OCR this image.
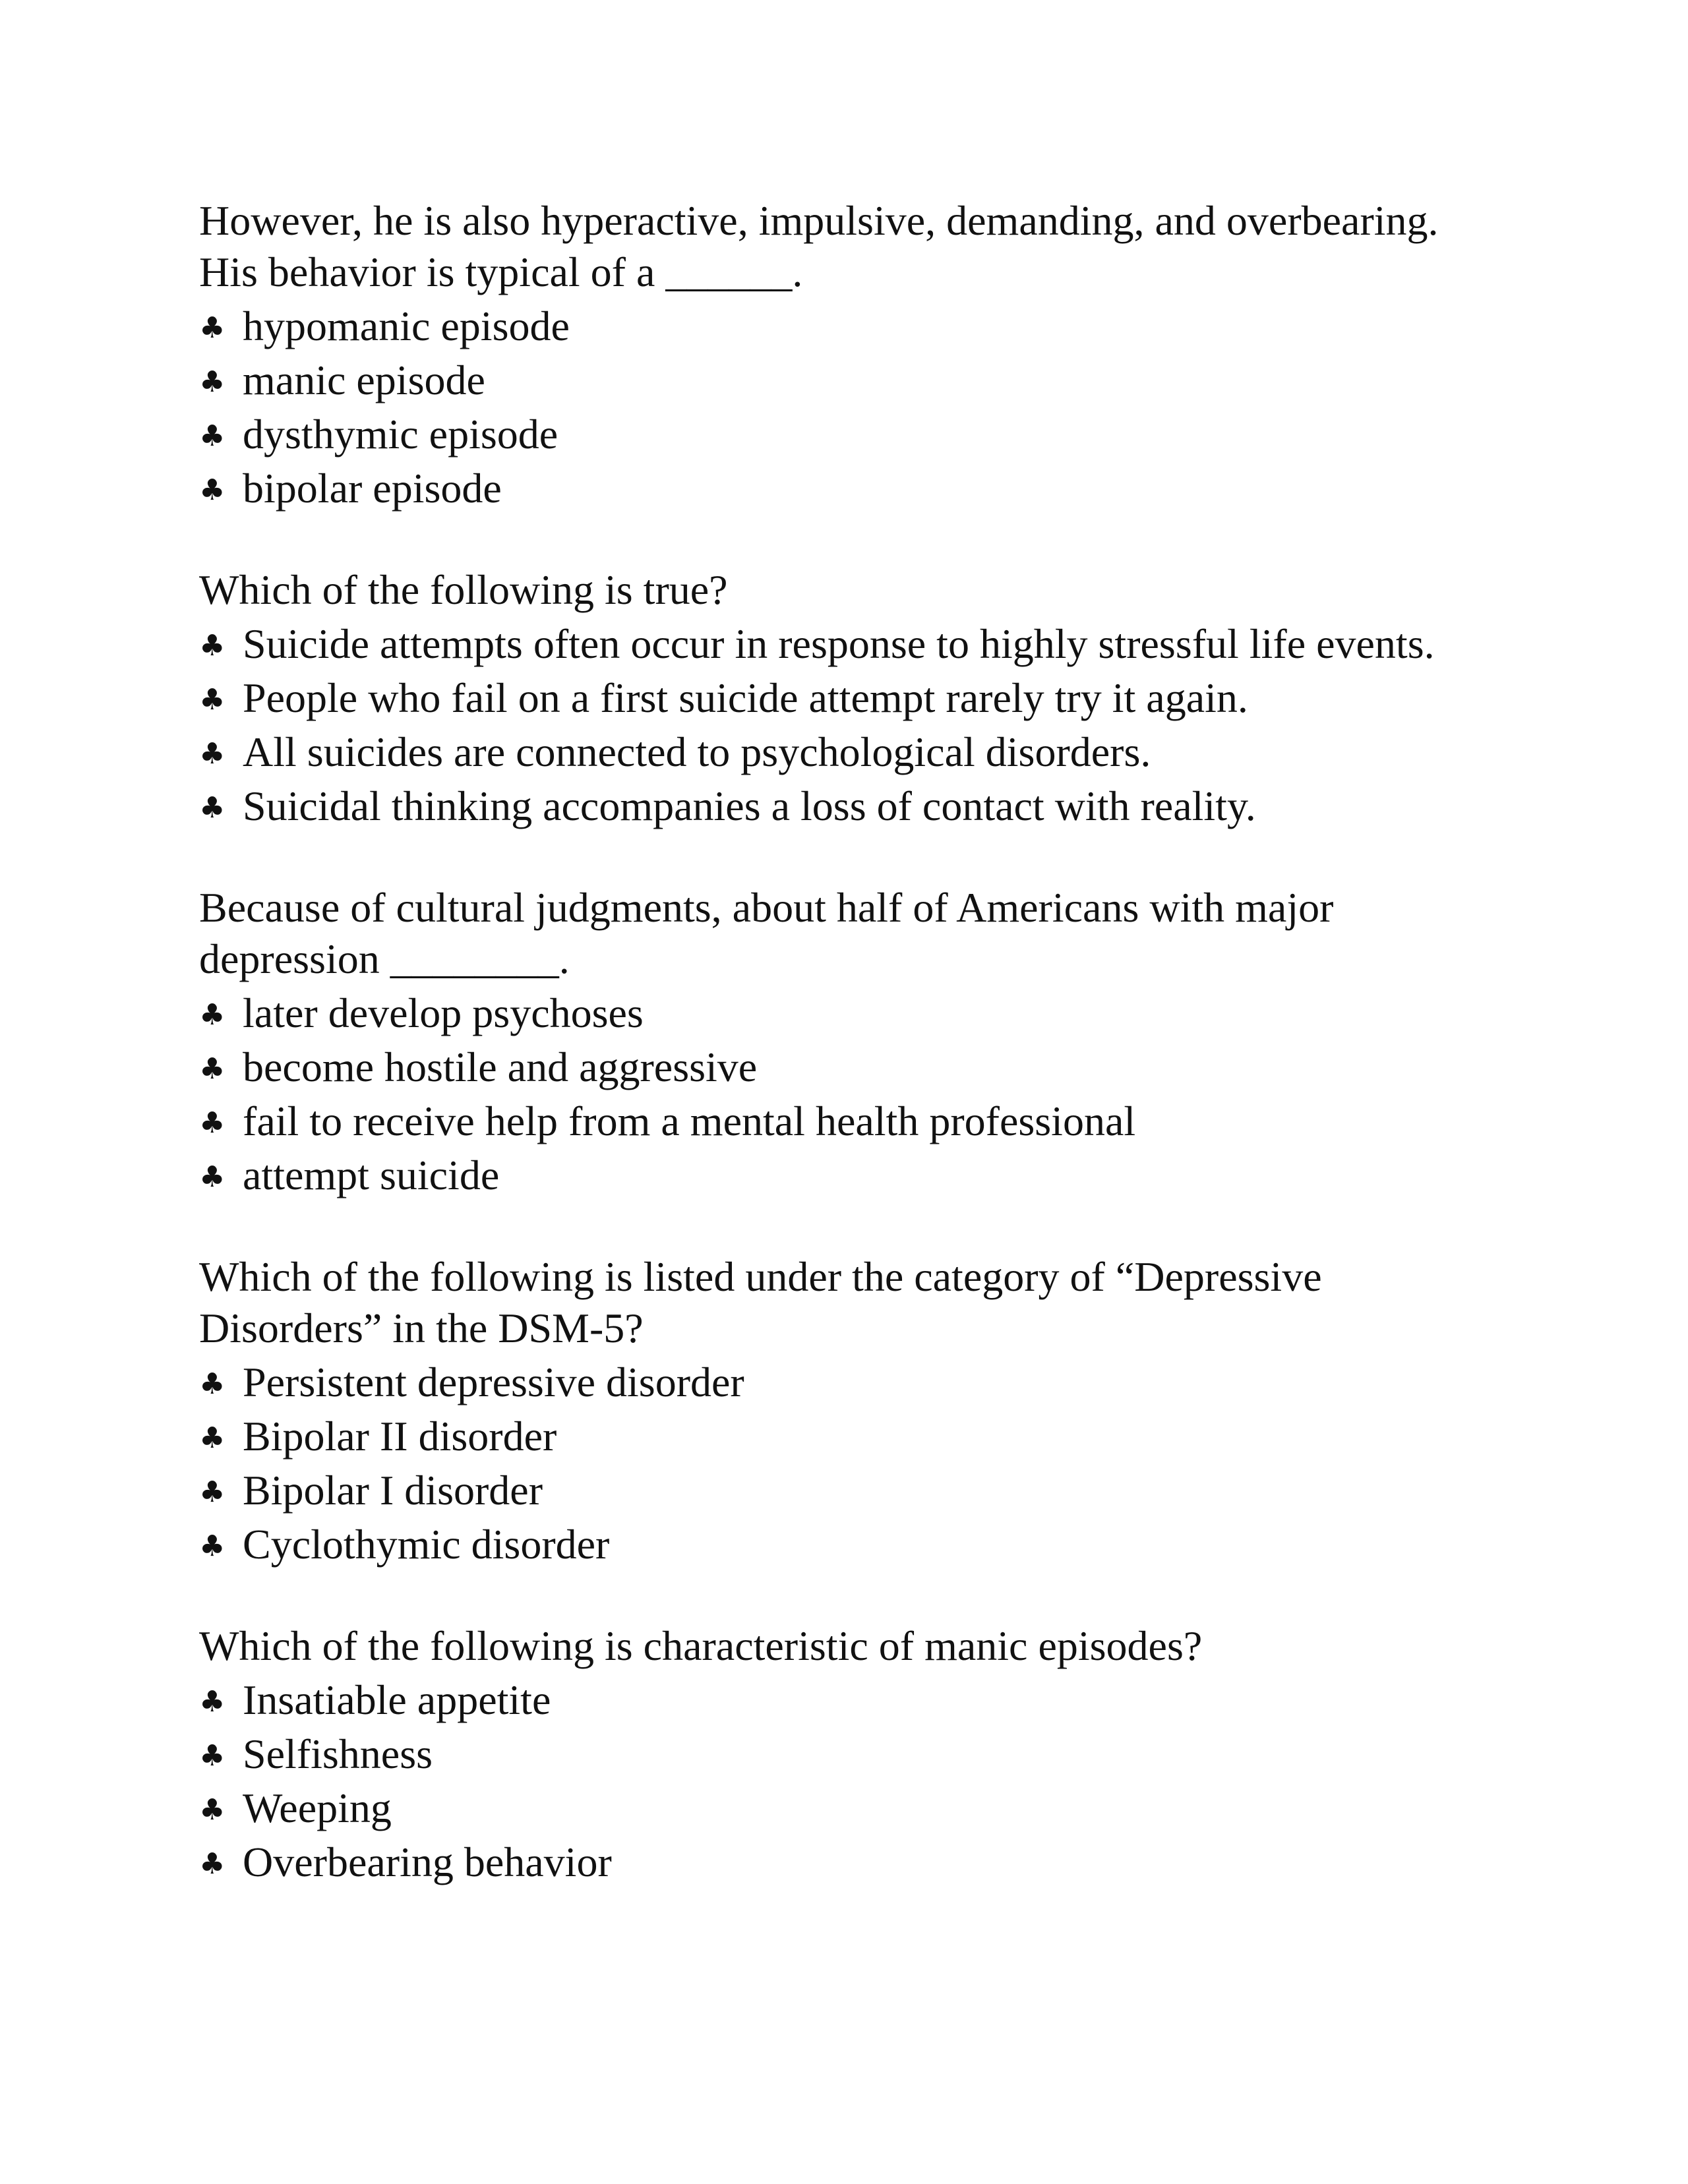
However, he is also hyperactive, impulsive, demanding, and overbearing.
His behavior is typical of a ______.

♣ hypomanic episode
♣ manic episode
♣ dysthymic episode
♣ bipolar episode

Which of the following is true?

♣ Suicide attempts often occur in response to highly stressful life events.
♣ People who fail on a first suicide attempt rarely try it again.
♣ All suicides are connected to psychological disorders.
♣ Suicidal thinking accompanies a loss of contact with reality.

Because of cultural judgments, about half of Americans with major
depression ________.

♣ later develop psychoses
♣ become hostile and aggressive
♣ fail to receive help from a mental health professional
♣ attempt suicide

Which of the following is listed under the category of “Depressive
Disorders” in the DSM-5?

♣ Persistent depressive disorder
♣ Bipolar II disorder
♣ Bipolar I disorder
♣ Cyclothymic disorder

Which of the following is characteristic of manic episodes?

♣ Insatiable appetite
♣ Selfishness
♣ Weeping
♣ Overbearing behavior
